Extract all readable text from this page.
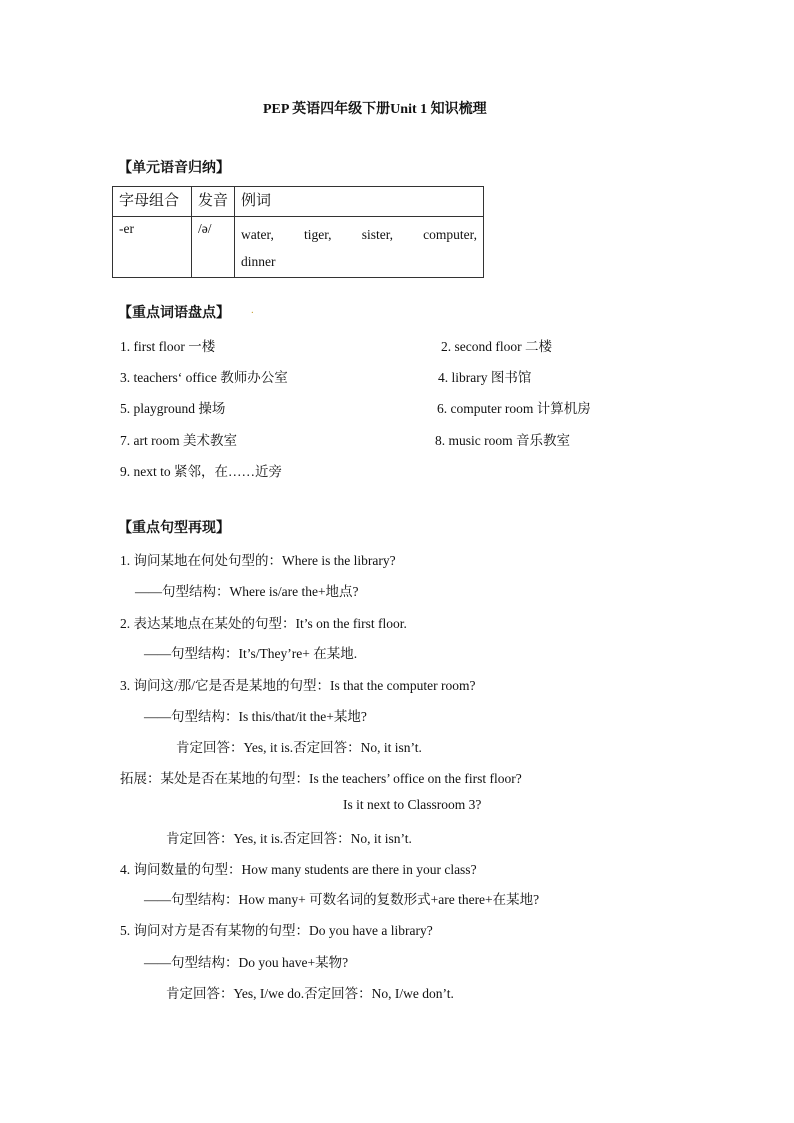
PEP 英语四年级下册Unit 1 知识梳理
【单元语音归纳】
字母组合	发音	例词
-er	/ə/	water, tiger, sister, computer,
dinner
【重点词语盘点】 .
1. first floor 一楼	2. second floor 二楼
3. teachers‘ office 教师办公室	4. library 图书馆
5. playground 操场	6. computer room 计算机房
7. art room 美术教室	8. music room 音乐教室
9. next to 紧邻，在……近旁
【重点句型再现】
1. 询问某地在何处句型的：Where is the library?
——句型结构：Where is/are the+地点?
2. 表达某地点在某处的句型：It’s on the first floor.
——句型结构：It’s/They’re+ 在某地.
3. 询问这/那/它是否是某地的句型：Is that the computer room?
——句型结构：Is this/that/it the+某地?
肯定回答：Yes, it is.否定回答：No, it isn’t.
拓展：某处是否在某地的句型：Is the teachers’ office on the first floor?
Is it next to Classroom 3?
肯定回答：Yes, it is.否定回答：No, it isn’t.
4. 询问数量的句型：How many students are there in your class?
——句型结构：How many+ 可数名词的复数形式+are there+在某地?
5. 询问对方是否有某物的句型：Do you have a library?
——句型结构：Do you have+某物?
肯定回答：Yes, I/we do.否定回答：No, I/we don’t.
